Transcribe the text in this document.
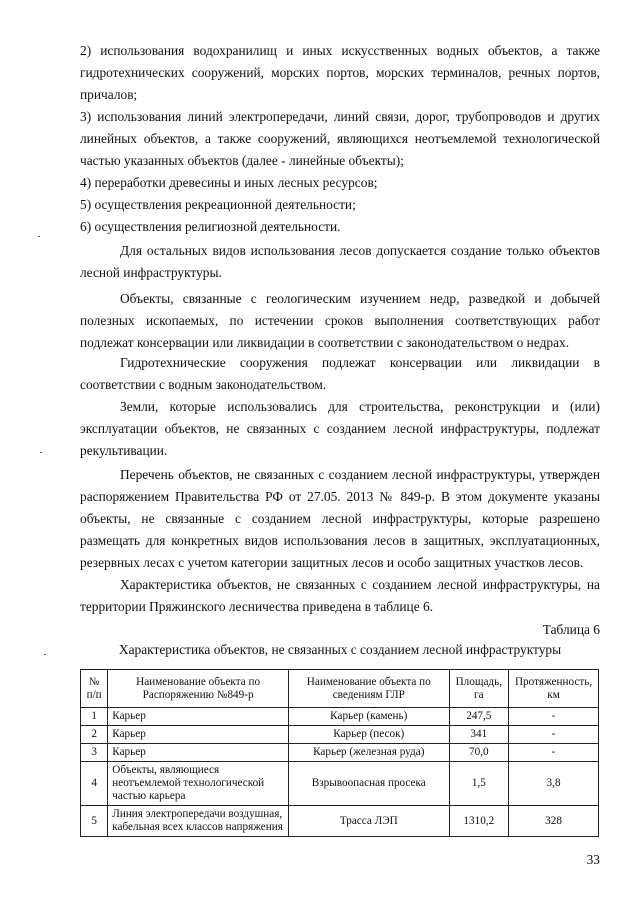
2) использования водохранилищ и иных искусственных водных объектов, а также гидротехнических сооружений, морских портов, морских терминалов, речных портов, причалов;

3) использования линий электропередачи, линий связи, дорог, трубопроводов и других линейных объектов, а также сооружений, являющихся неотъемлемой технологической частью указанных объектов (далее - линейные объекты);

4) переработки древесины и иных лесных ресурсов;

5) осуществления рекреационной деятельности;

6) осуществления религиозной деятельности.

Для остальных видов использования лесов допускается создание только объектов лесной инфраструктуры.

Объекты, связанные с геологическим изучением недр, разведкой и добычей полезных ископаемых, по истечении сроков выполнения соответствующих работ подлежат консервации или ликвидации в соответствии с законодательством о недрах.

Гидротехнические сооружения подлежат консервации или ликвидации в соответствии с водным законодательством.

Земли, которые использовались для строительства, реконструкции и (или) эксплуатации объектов, не связанных с созданием лесной инфраструктуры, подлежат рекультивации.

Перечень объектов, не связанных с созданием лесной инфраструктуры, утвержден распоряжением Правительства РФ от 27.05. 2013 № 849-р. В этом документе указаны объекты, не связанные с созданием лесной инфраструктуры, которые разрешено размещать для конкретных видов использования лесов в защитных, эксплуатационных, резервных лесах с учетом категории защитных лесов и особо защитных участков лесов.

Характеристика объектов, не связанных с созданием лесной инфраструктуры, на территории Пряжинского лесничества приведена в таблице 6.

Таблица 6
Характеристика объектов, не связанных с созданием лесной инфраструктуры
№ п/п	Наименование объекта по Распоряжению №849-р	Наименование объекта по сведениям ГЛР	Площадь, га	Протяженность, км
1	Карьер	Карьер (камень)	247,5	-
2	Карьер	Карьер (песок)	341	-
3	Карьер	Карьер (железная руда)	70,0	-
4	Объекты, являющиеся неотъемлемой технологической частью карьера	Взрывоопасная просека	1,5	3,8
5	Линия электропередачи воздушная, кабельная всех классов напряжения	Трасса ЛЭП	1310,2	328
33
